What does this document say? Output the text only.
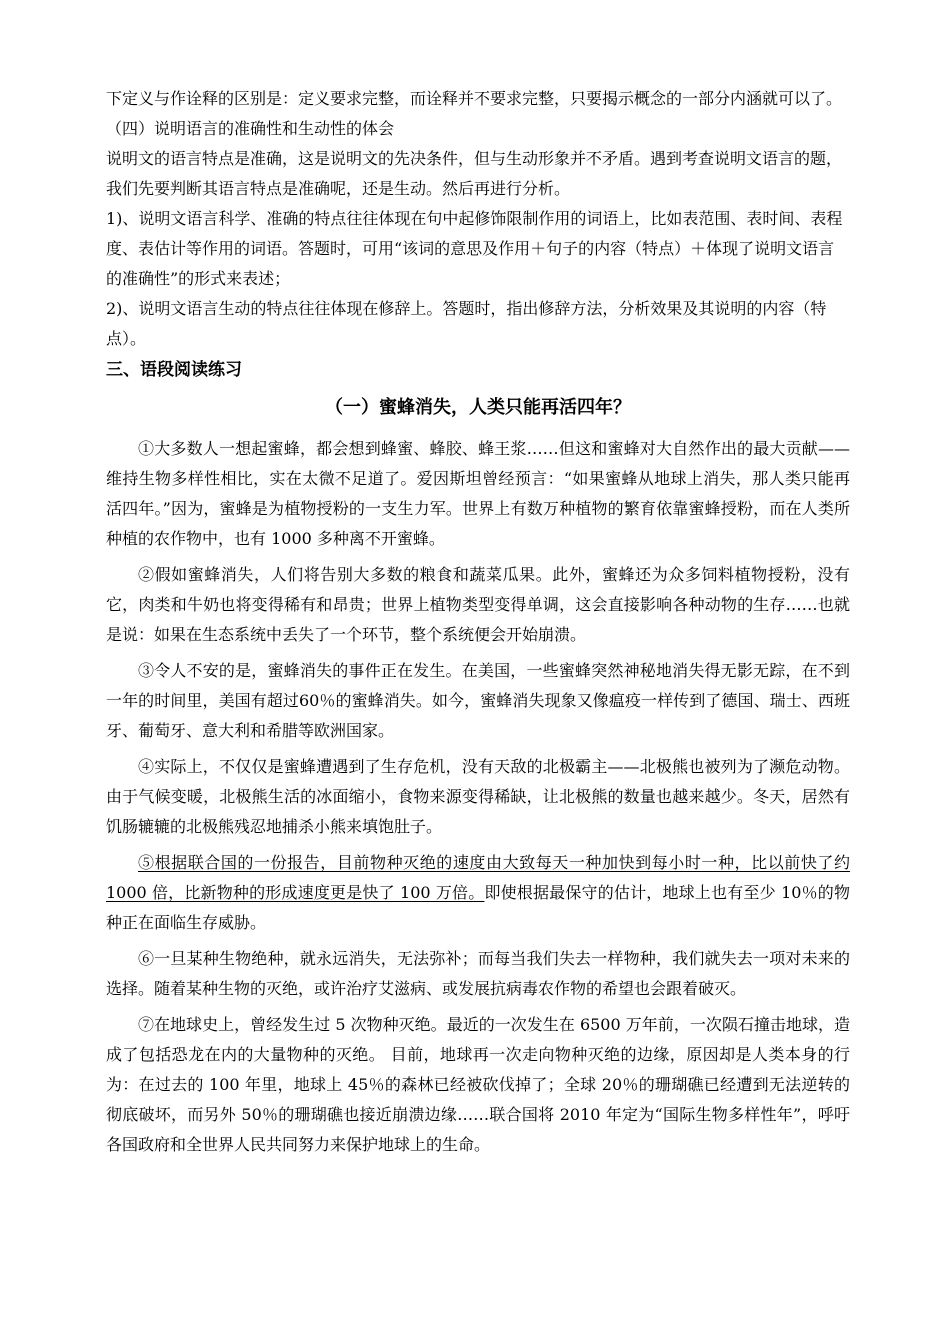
下定义与作诠释的区别是：定义要求完整，而诠释并不要求完整，只要揭示概念的一部分内涵就可以了。

（四）说明语言的准确性和生动性的体会

说明文的语言特点是准确，这是说明文的先决条件，但与生动形象并不矛盾。遇到考查说明文语言的题，我们先要判断其语言特点是准确呢，还是生动。然后再进行分析。

1)、说明文语言科学、准确的特点往往体现在句中起修饰限制作用的词语上，比如表范围、表时间、表程度、表估计等作用的词语。答题时，可用“该词的意思及作用＋句子的内容（特点）＋体现了说明文语言的准确性”的形式来表述；

2)、说明文语言生动的特点往往体现在修辞上。答题时，指出修辞方法，分析效果及其说明的内容（特点）。

三、语段阅读练习
（一）蜜蜂消失，人类只能再活四年？

①大多数人一想起蜜蜂，都会想到蜂蜜、蜂胶、蜂王浆……但这和蜜蜂对大自然作出的最大贡献——维持生物多样性相比，实在太微不足道了。爱因斯坦曾经预言：“如果蜜蜂从地球上消失，那人类只能再活四年。”因为，蜜蜂是为植物授粉的一支生力军。世界上有数万种植物的繁育依靠蜜蜂授粉，而在人类所种植的农作物中，也有 1000 多种离不开蜜蜂。

②假如蜜蜂消失，人们将告别大多数的粮食和蔬菜瓜果。此外，蜜蜂还为众多饲料植物授粉，没有它，肉类和牛奶也将变得稀有和昂贵；世界上植物类型变得单调，这会直接影响各种动物的生存……也就是说：如果在生态系统中丢失了一个环节，整个系统便会开始崩溃。

③令人不安的是，蜜蜂消失的事件正在发生。在美国，一些蜜蜂突然神秘地消失得无影无踪，在不到一年的时间里，美国有超过60％的蜜蜂消失。如今，蜜蜂消失现象又像瘟疫一样传到了德国、瑞士、西班牙、葡萄牙、意大利和希腊等欧洲国家。

④实际上，不仅仅是蜜蜂遭遇到了生存危机，没有天敌的北极霸主——北极熊也被列为了濒危动物。由于气候变暖，北极熊生活的冰面缩小，食物来源变得稀缺，让北极熊的数量也越来越少。冬天，居然有饥肠辘辘的北极熊残忍地捕杀小熊来填饱肚子。

⑤根据联合国的一份报告，目前物种灭绝的速度由大致每天一种加快到每小时一种，比以前快了约 1000 倍，比新物种的形成速度更是快了 100 万倍。即使根据最保守的估计，地球上也有至少 10％的物种正在面临生存威胁。

⑥一旦某种生物绝种，就永远消失，无法弥补；而每当我们失去一样物种，我们就失去一项对未来的选择。随着某种生物的灭绝，或许治疗艾滋病、或发展抗病毒农作物的希望也会跟着破灭。

⑦在地球史上，曾经发生过 5 次物种灭绝。最近的一次发生在 6500 万年前，一次陨石撞击地球，造成了包括恐龙在内的大量物种的灭绝。 目前，地球再一次走向物种灭绝的边缘，原因却是人类本身的行为：在过去的 100 年里，地球上 45％的森林已经被砍伐掉了；全球 20％的珊瑚礁已经遭到无法逆转的彻底破坏，而另外 50％的珊瑚礁也接近崩溃边缘……联合国将 2010 年定为“国际生物多样性年”，呼吁各国政府和全世界人民共同努力来保护地球上的生命。
